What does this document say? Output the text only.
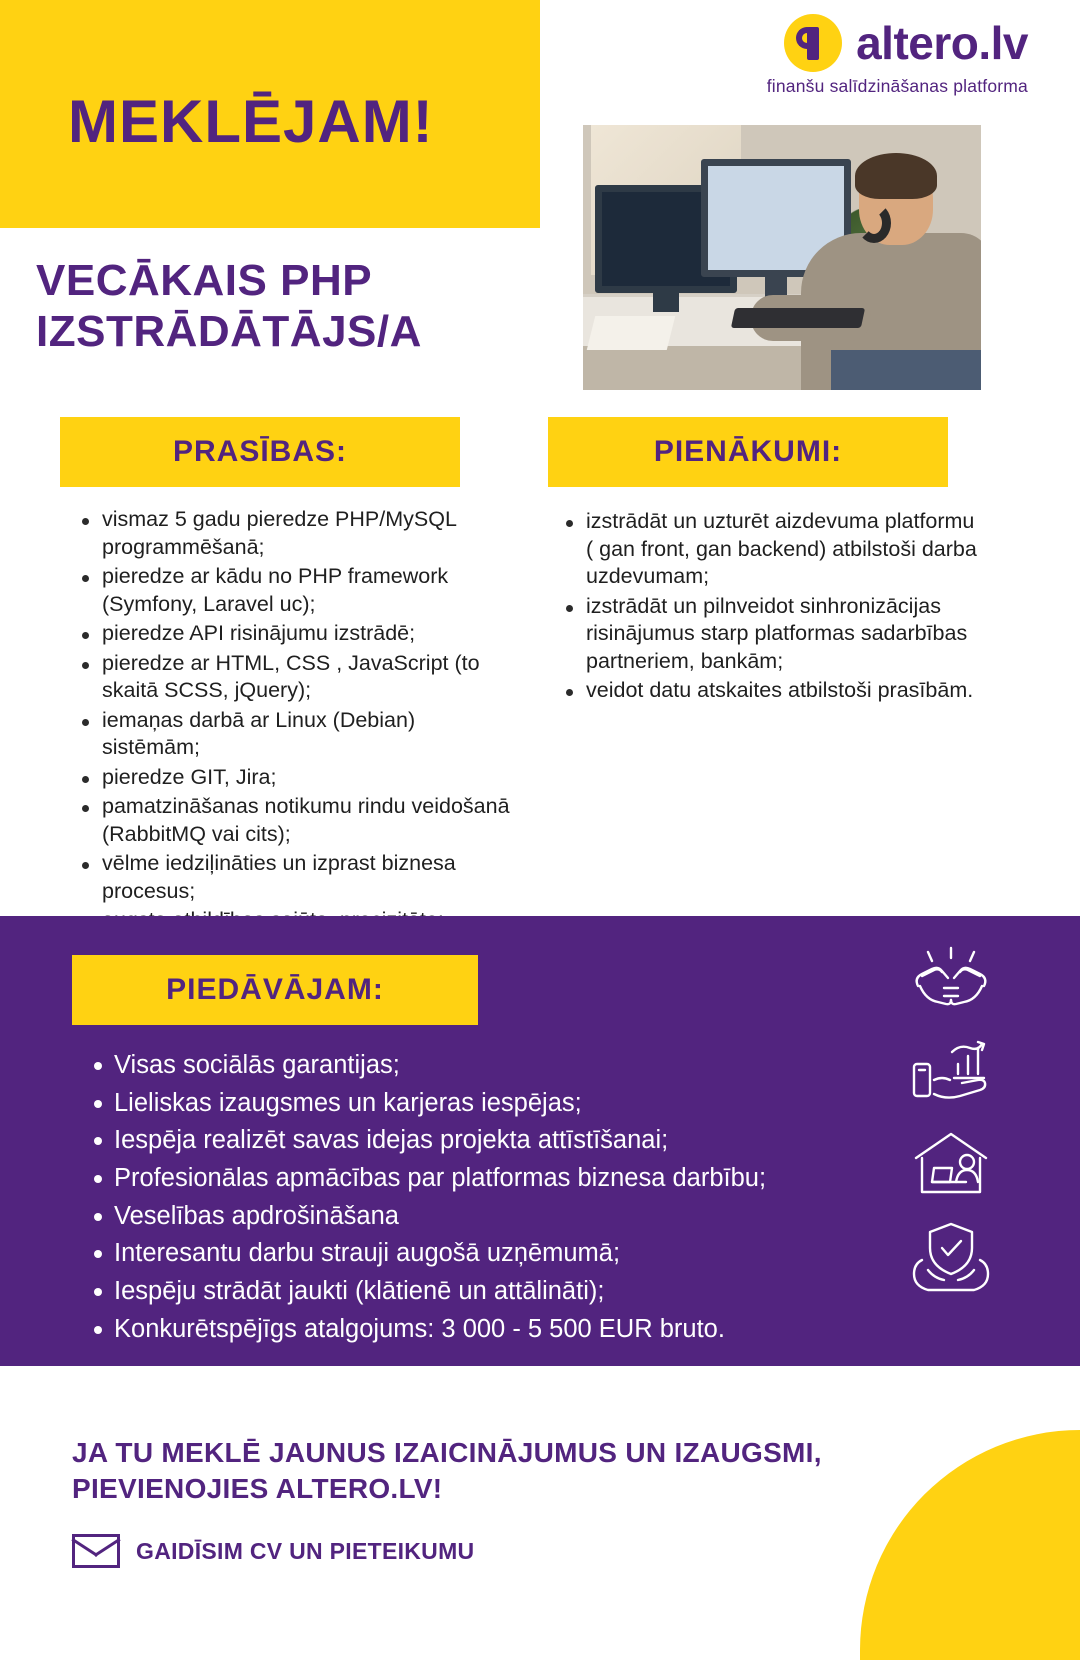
MEKLĒJAM!
altero.lv
finanšu salīdzināšanas platforma
VECĀKAIS PHP IZSTRĀDĀTĀJS/A
PRASĪBAS:
vismaz 5 gadu pieredze PHP/MySQL programmēšanā;
pieredze ar kādu no PHP framework (Symfony, Laravel uc);
pieredze API risinājumu izstrādē;
pieredze ar HTML, CSS , JavaScript (to skaitā SCSS, jQuery);
iemaņas darbā ar Linux (Debian) sistēmām;
pieredze GIT, Jira;
pamatzināšanas notikumu rindu veidošanā (RabbitMQ vai cits);
vēlme iedziļināties un izprast biznesa procesus;
PIENĀKUMI:
izstrādāt un uzturēt aizdevuma platformu ( gan front, gan backend) atbilstoši darba uzdevumam;
izstrādāt un pilnveidot sinhronizācijas risinājumus starp platformas sadarbības partneriem, bankām;
veidot datu atskaites atbilstoši prasībām.
PIEDĀVĀJAM:
Visas sociālās garantijas;
Lieliskas izaugsmes un karjeras iespējas;
Iespēja realizēt savas idejas projekta attīstīšanai;
Profesionālas apmācības par platformas biznesa darbību;
Veselības apdrošināšana
Interesantu darbu strauji augošā uzņēmumā;
Iespēju strādāt jaukti (klātienē un attālināti);
Konkurētspējīgs atalgojums: 3 000 - 5 500 EUR bruto.
JA TU MEKLĒ JAUNUS IZAICINĀJUMUS UN IZAUGSMI, PIEVIENOJIES ALTERO.LV!
GAIDĪSIM CV UN PIETEIKUMU
